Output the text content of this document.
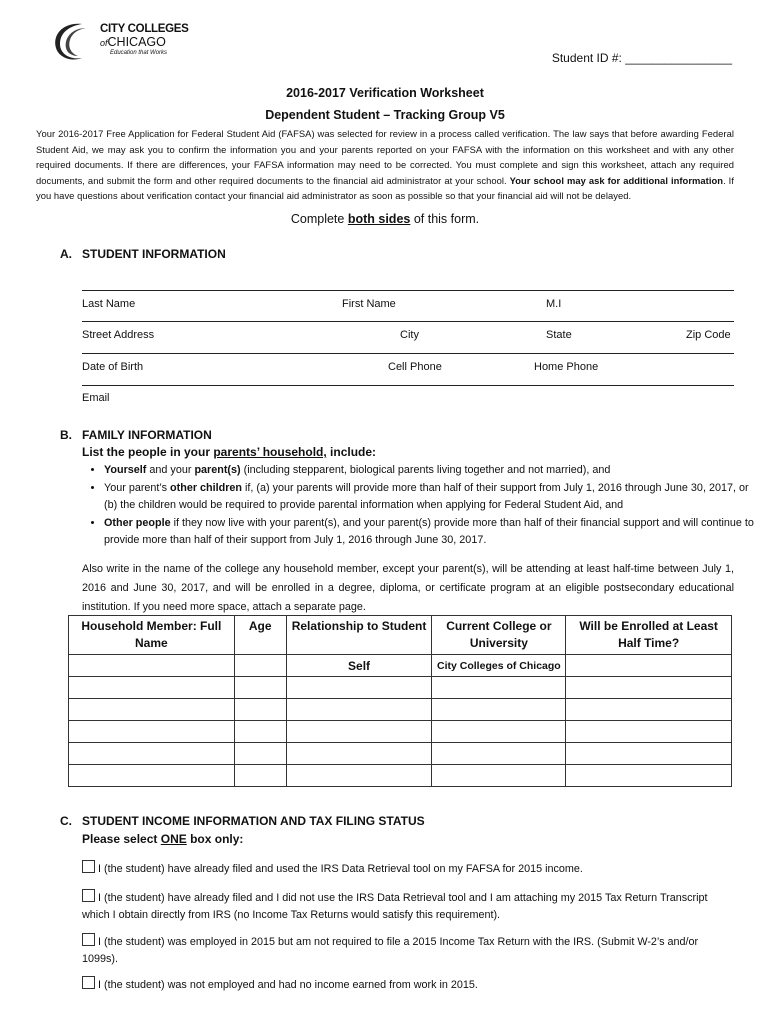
CITY COLLEGES
ofCHICAGO
Education that Works	Student ID #: ________________
2016-2017 Verification Worksheet
Dependent Student – Tracking Group V5
Your 2016-2017 Free Application for Federal Student Aid (FAFSA) was selected for review in a process called verification. The law says that before awarding Federal Student Aid, we may ask you to confirm the information you and your parents reported on your FAFSA with the information on this worksheet and with any other required documents. If there are differences, your FAFSA information may need to be corrected. You must complete and sign this worksheet, attach any required documents, and submit the form and other required documents to the financial aid administrator at your school. Your school may ask for additional information. If you have questions about verification contact your financial aid administrator as soon as possible so that your financial aid will not be delayed.
Complete both sides of this form.
A.   STUDENT INFORMATION
Last Name	First Name	M.I
Street Address	City	State	Zip Code
Date of Birth	Cell Phone	Home Phone
Email
B.   FAMILY INFORMATION
List the people in your parents’ household, include:
• Yourself and your parent(s) (including stepparent, biological parents living together and not married), and
• Your parent’s other children if, (a) your parents will provide more than half of their support from July 1, 2016 through June 30, 2017, or (b) the children would be required to provide parental information when applying for Federal Student Aid, and
• Other people if they now live with your parent(s), and your parent(s) provide more than half of their financial support and will continue to provide more than half of their support from July 1, 2016 through June 30, 2017.
Also write in the name of the college any household member, except your parent(s), will be attending at least half-time between July 1, 2016 and June 30, 2017, and will be enrolled in a degree, diploma, or certificate program at an eligible postsecondary educational institution. If you need more space, attach a separate page.
Household Member: Full Name	Age	Relationship to Student	Current College or University	Will be Enrolled at Least Half Time?
		Self	City Colleges of Chicago	

C.   STUDENT INCOME INFORMATION AND TAX FILING STATUS
Please select ONE box only:
I (the student) have already filed and used the IRS Data Retrieval tool on my FAFSA for 2015 income.
I (the student) have already filed and I did not use the IRS Data Retrieval tool and I am attaching my 2015 Tax Return Transcript which I obtain directly from IRS (no Income Tax Returns would satisfy this requirement).
I (the student) was employed in 2015 but am not required to file a 2015 Income Tax Return with the IRS. (Submit W-2’s and/or 1099s).
I (the student) was not employed and had no income earned from work in 2015.
